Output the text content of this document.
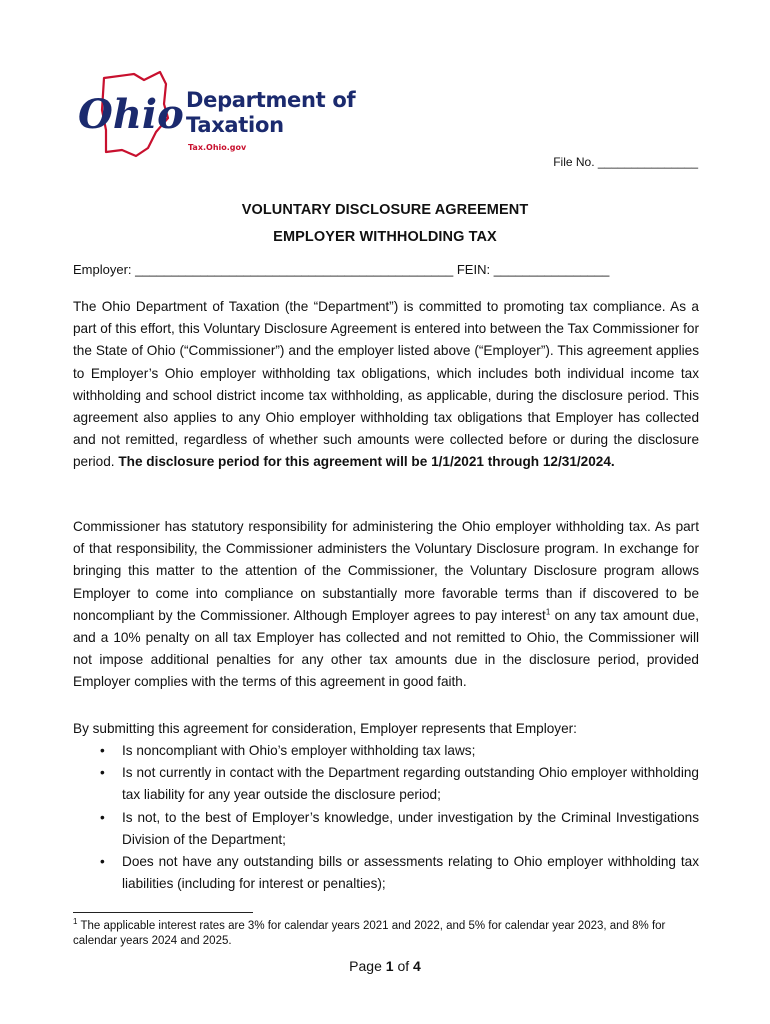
Ohio Department of
Taxation
Tax.Ohio.gov
File No. _______________
VOLUNTARY DISCLOSURE AGREEMENT
EMPLOYER WITHHOLDING TAX
Employer: ____________________________________________ FEIN: ________________
The Ohio Department of Taxation (the “Department”) is committed to promoting tax compliance. As a part of this effort, this Voluntary Disclosure Agreement is entered into between the Tax Commissioner for the State of Ohio (“Commissioner”) and the employer listed above (“Employer”). This agreement applies to Employer’s Ohio employer withholding tax obligations, which includes both individual income tax withholding and school district income tax withholding, as applicable, during the disclosure period. This agreement also applies to any Ohio employer withholding tax obligations that Employer has collected and not remitted, regardless of whether such amounts were collected before or during the disclosure period. The disclosure period for this agreement will be 1/1/2021 through 12/31/2024.
Commissioner has statutory responsibility for administering the Ohio employer withholding tax. As part of that responsibility, the Commissioner administers the Voluntary Disclosure program. In exchange for bringing this matter to the attention of the Commissioner, the Voluntary Disclosure program allows Employer to come into compliance on substantially more favorable terms than if discovered to be noncompliant by the Commissioner. Although Employer agrees to pay interest$^1$ on any tax amount due, and a 10% penalty on all tax Employer has collected and not remitted to Ohio, the Commissioner will not impose additional penalties for any other tax amounts due in the disclosure period, provided Employer complies with the terms of this agreement in good faith.
By submitting this agreement for consideration, Employer represents that Employer:
• Is noncompliant with Ohio’s employer withholding tax laws;
• Is not currently in contact with the Department regarding outstanding Ohio employer withholding tax liability for any year outside the disclosure period;
• Is not, to the best of Employer’s knowledge, under investigation by the Criminal Investigations Division of the Department;
• Does not have any outstanding bills or assessments relating to Ohio employer withholding tax liabilities (including for interest or penalties);
$^1$ The applicable interest rates are 3% for calendar years 2021 and 2022, and 5% for calendar year 2023, and 8% for calendar years 2024 and 2025.
Page 1 of 4
